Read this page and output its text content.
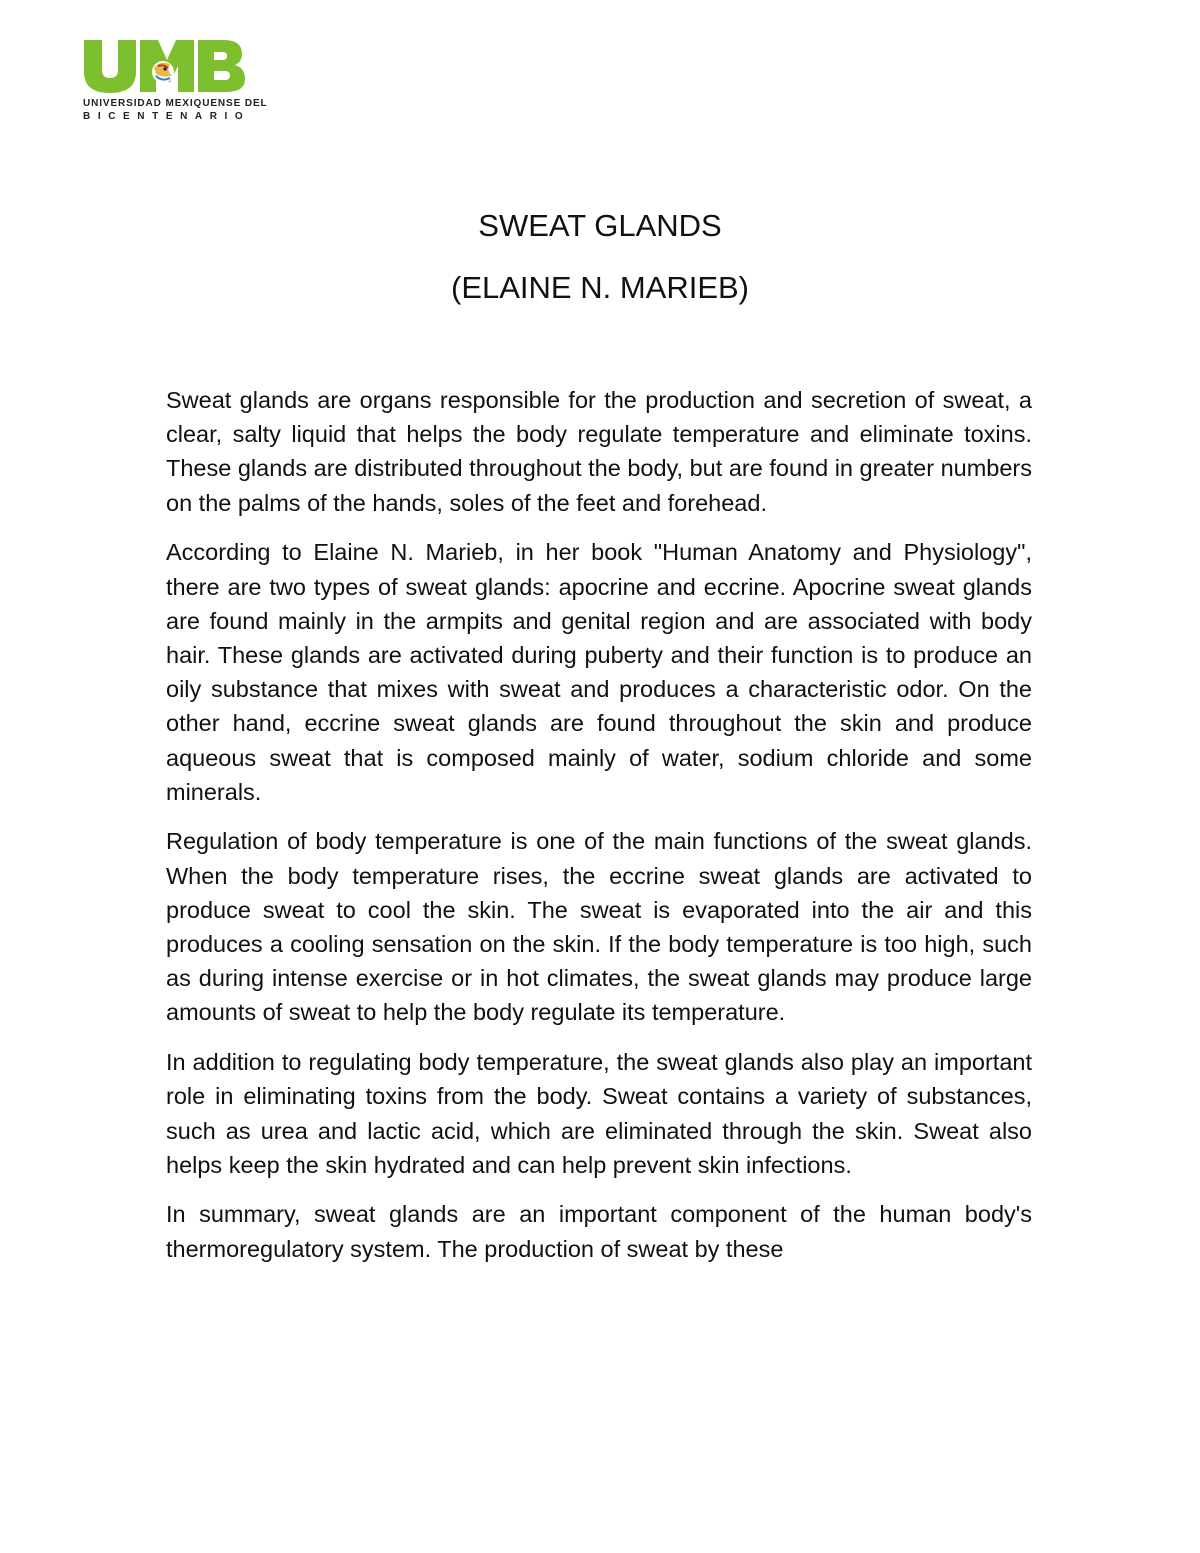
UNIVERSIDAD MEXIQUENSE DEL
BICENTENARIO
SWEAT GLANDS
(ELAINE N. MARIEB)

Sweat glands are organs responsible for the production and secretion of sweat, a clear, salty liquid that helps the body regulate temperature and eliminate toxins. These glands are distributed throughout the body, but are found in greater numbers on the palms of the hands, soles of the feet and forehead.

According to Elaine N. Marieb, in her book "Human Anatomy and Physiology", there are two types of sweat glands: apocrine and eccrine. Apocrine sweat glands are found mainly in the armpits and genital region and are associated with body hair. These glands are activated during puberty and their function is to produce an oily substance that mixes with sweat and produces a characteristic odor. On the other hand, eccrine sweat glands are found throughout the skin and produce aqueous sweat that is composed mainly of water, sodium chloride and some minerals.

Regulation of body temperature is one of the main functions of the sweat glands. When the body temperature rises, the eccrine sweat glands are activated to produce sweat to cool the skin. The sweat is evaporated into the air and this produces a cooling sensation on the skin. If the body temperature is too high, such as during intense exercise or in hot climates, the sweat glands may produce large amounts of sweat to help the body regulate its temperature.

In addition to regulating body temperature, the sweat glands also play an important role in eliminating toxins from the body. Sweat contains a variety of substances, such as urea and lactic acid, which are eliminated through the skin. Sweat also helps keep the skin hydrated and can help prevent skin infections.

In summary, sweat glands are an important component of the human body's thermoregulatory system. The production of sweat by these
